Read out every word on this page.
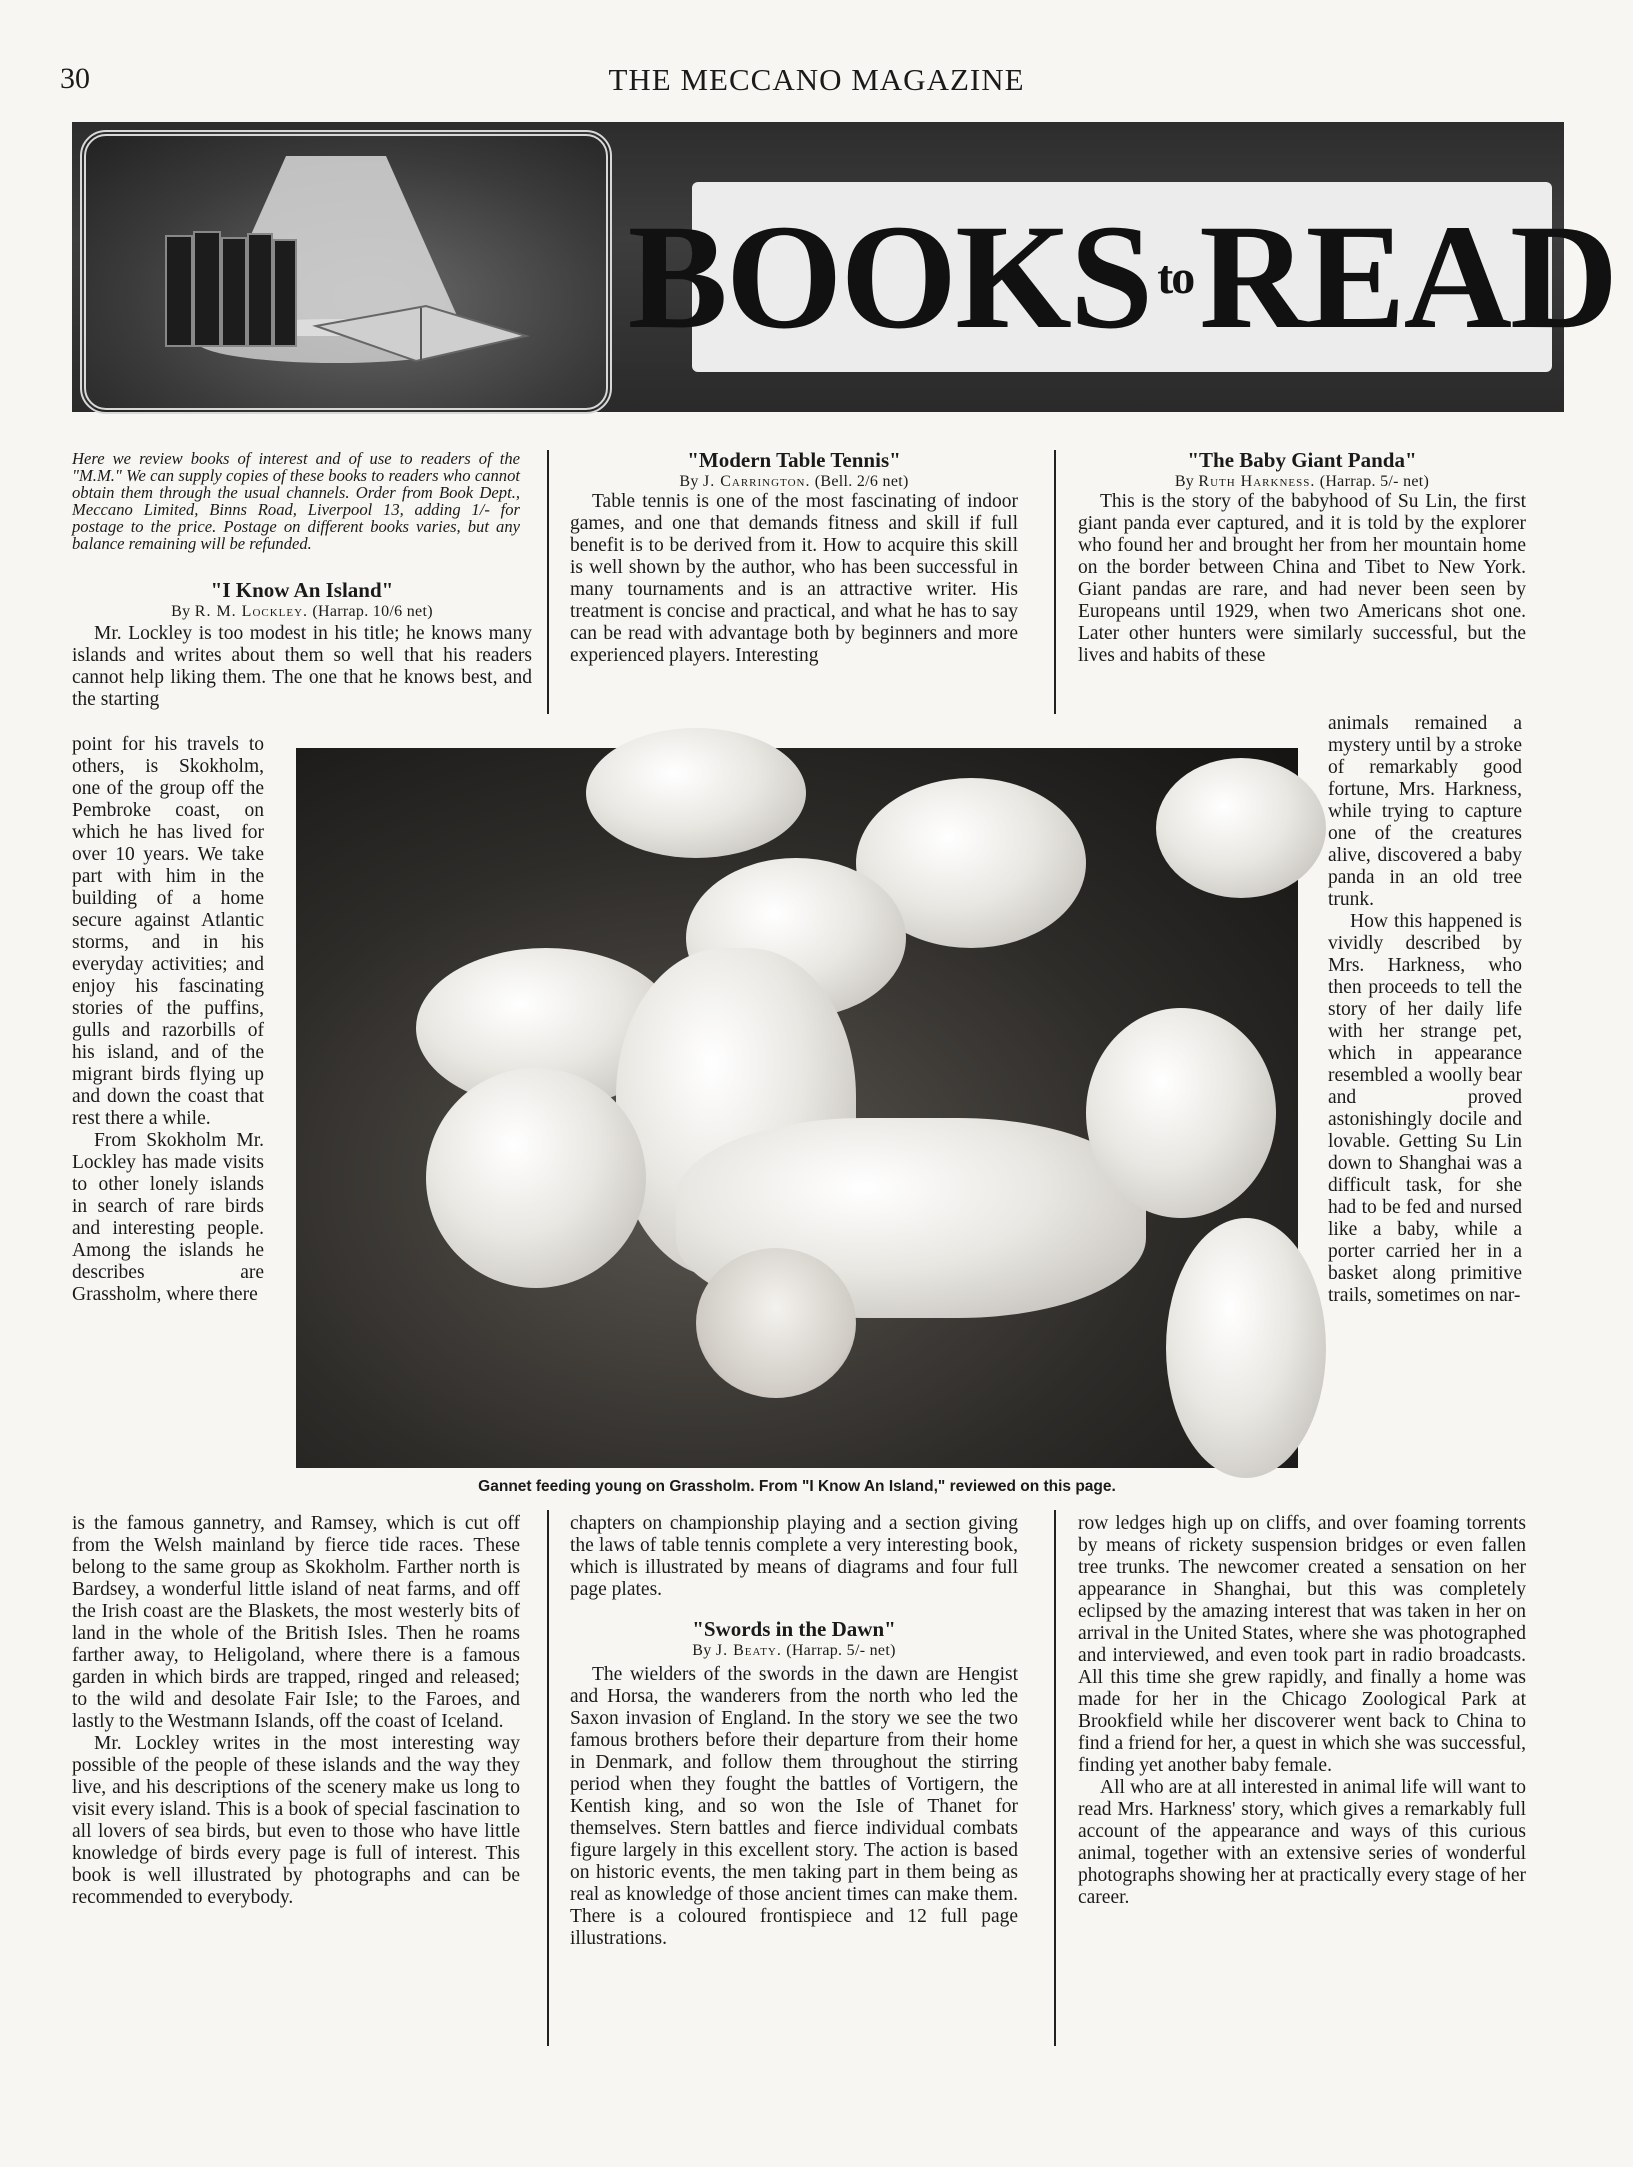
30	THE MECCANO MAGAZINE
BOOKS to READ
Here we review books of interest and of use to readers of the "M.M." We can supply copies of these books to readers who cannot obtain them through the usual channels. Order from Book Dept., Meccano Limited, Binns Road, Liverpool 13, adding 1/- for postage to the price. Postage on different books varies, but any balance remaining will be refunded.
"I Know An Island"
By R. M. Lockley. (Harrap. 10/6 net)

Mr. Lockley is too modest in his title; he knows many islands and writes about them so well that his readers cannot help liking them. The one that he knows best, and the starting

point for his travels to others, is Skokholm, one of the group off the Pembroke coast, on which he has lived for over 10 years. We take part with him in the building of a home secure against Atlantic storms, and in his everyday activities; and enjoy his fascinating stories of the puffins, gulls and razorbills of his island, and of the migrant birds flying up and down the coast that rest there a while.

From Skokholm Mr. Lockley has made visits to other lonely islands in search of rare birds and interesting people. Among the islands he describes are Grassholm, where there

is the famous gannetry, and Ramsey, which is cut off from the Welsh mainland by fierce tide races. These belong to the same group as Skokholm. Farther north is Bardsey, a wonderful little island of neat farms, and off the Irish coast are the Blaskets, the most westerly bits of land in the whole of the British Isles. Then he roams farther away, to Heligoland, where there is a famous garden in which birds are trapped, ringed and released; to the wild and desolate Fair Isle; to the Faroes, and lastly to the Westmann Islands, off the coast of Iceland.

Mr. Lockley writes in the most interesting way possible of the people of these islands and the way they live, and his descriptions of the scenery make us long to visit every island. This is a book of special fascination to all lovers of sea birds, but even to those who have little knowledge of birds every page is full of interest. This book is well illustrated by photographs and can be recommended to everybody.

"Modern Table Tennis"
By J. Carrington. (Bell. 2/6 net)

Table tennis is one of the most fascinating of indoor games, and one that demands fitness and skill if full benefit is to be derived from it. How to acquire this skill is well shown by the author, who has been successful in many tournaments and is an attractive writer. His treatment is concise and practical, and what he has to say can be read with advantage both by beginners and more experienced players. Interesting

chapters on championship playing and a section giving the laws of table tennis complete a very interesting book, which is illustrated by means of diagrams and four full page plates.

"Swords in the Dawn"
By J. Beaty. (Harrap. 5/- net)

The wielders of the swords in the dawn are Hengist and Horsa, the wanderers from the north who led the Saxon invasion of England. In the story we see the two famous brothers before their departure from their home in Denmark, and follow them throughout the stirring period when they fought the battles of Vortigern, the Kentish king, and so won the Isle of Thanet for themselves. Stern battles and fierce individual combats figure largely in this excellent story. The action is based on historic events, the men taking part in them being as real as knowledge of those ancient times can make them. There is a coloured frontispiece and 12 full page illustrations.

"The Baby Giant Panda"
By Ruth Harkness. (Harrap. 5/- net)

This is the story of the babyhood of Su Lin, the first giant panda ever captured, and it is told by the explorer who found her and brought her from her mountain home on the border between China and Tibet to New York. Giant pandas are rare, and had never been seen by Europeans until 1929, when two Americans shot one. Later other hunters were similarly successful, but the lives and habits of these

animals remained a mystery until by a stroke of remarkably good fortune, Mrs. Harkness, while trying to capture one of the creatures alive, discovered a baby panda in an old tree trunk.

How this happened is vividly described by Mrs. Harkness, who then proceeds to tell the story of her daily life with her strange pet, which in appearance resembled a woolly bear and proved astonishingly docile and lovable. Getting Su Lin down to Shanghai was a difficult task, for she had to be fed and nursed like a baby, while a porter carried her in a basket along primitive trails, sometimes on nar-

row ledges high up on cliffs, and over foaming torrents by means of rickety suspension bridges or even fallen tree trunks. The newcomer created a sensation on her appearance in Shanghai, but this was completely eclipsed by the amazing interest that was taken in her on arrival in the United States, where she was photographed and interviewed, and even took part in radio broadcasts. All this time she grew rapidly, and finally a home was made for her in the Chicago Zoological Park at Brookfield while her discoverer went back to China to find a friend for her, a quest in which she was successful, finding yet another baby female.

All who are at all interested in animal life will want to read Mrs. Harkness' story, which gives a remarkably full account of the appearance and ways of this curious animal, together with an extensive series of wonderful photographs showing her at practically every stage of her career.

Gannet feeding young on Grassholm. From "I Know An Island," reviewed on this page.
